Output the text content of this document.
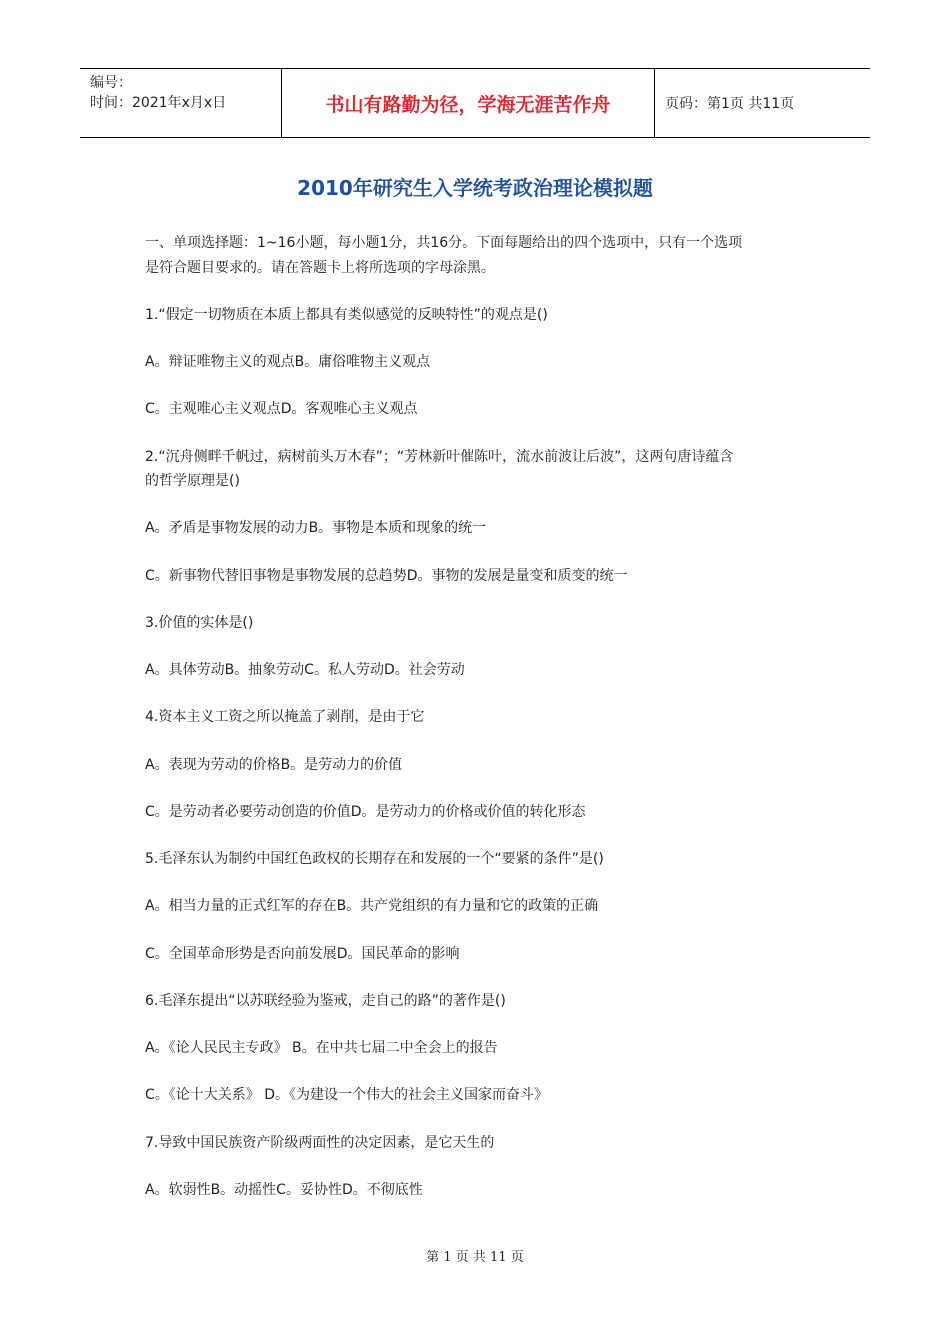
编号：
时间：2021年x月x日	书山有路勤为径，学海无涯苦作舟	页码：第1页 共11页
2010年研究生入学统考政治理论模拟题
一、单项选择题：1~16小题，每小题1分，共16分。下面每题给出的四个选项中，只有一个选项
是符合题目要求的。请在答题卡上将所选项的字母涂黑。
1.“假定一切物质在本质上都具有类似感觉的反映特性”的观点是()
A。辩证唯物主义的观点B。庸俗唯物主义观点
C。主观唯心主义观点D。客观唯心主义观点
2.“沉舟侧畔千帆过，病树前头万木春”；“芳林新叶催陈叶，流水前波让后波”，这两句唐诗蕴含
的哲学原理是()
A。矛盾是事物发展的动力B。事物是本质和现象的统一
C。新事物代替旧事物是事物发展的总趋势D。事物的发展是量变和质变的统一
3.价值的实体是()
A。具体劳动B。抽象劳动C。私人劳动D。社会劳动
4.资本主义工资之所以掩盖了剥削，是由于它
A。表现为劳动的价格B。是劳动力的价值
C。是劳动者必要劳动创造的价值D。是劳动力的价格或价值的转化形态
5.毛泽东认为制约中国红色政权的长期存在和发展的一个“要紧的条件”是()
A。相当力量的正式红军的存在B。共产党组织的有力量和它的政策的正确
C。全国革命形势是否向前发展D。国民革命的影响
6.毛泽东提出“以苏联经验为鉴戒，走自己的路”的著作是()
A。《论人民民主专政》 B。在中共七届二中全会上的报告
C。《论十大关系》 D。《为建设一个伟大的社会主义国家而奋斗》
7.导致中国民族资产阶级两面性的决定因素，是它天生的
A。软弱性B。动摇性C。妥协性D。不彻底性
第 1 页 共 11 页
